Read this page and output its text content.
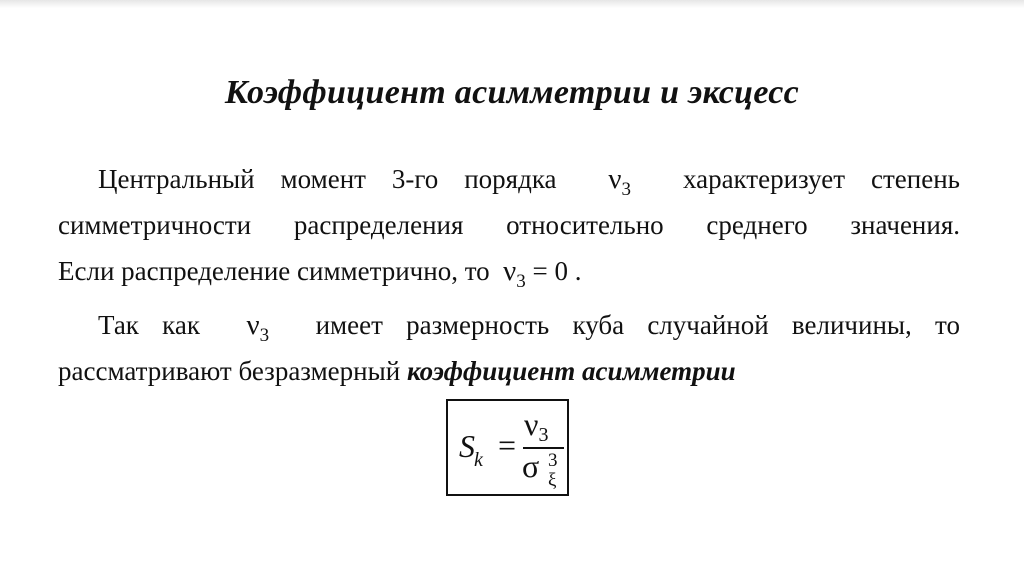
Коэффициент асимметрии и эксцесс
Центральный момент 3-го порядка $\nu_3$ характеризует степень
симметричности распределения относительно среднего значения.
Если распределение симметрично, то $\nu_3 = 0$ .
Так как $\nu_3$ имеет размерность куба случайной величины, то
рассматривают безразмерный коэффициент асимметрии
$S_k$ =
ν3
σ 3
ξ
